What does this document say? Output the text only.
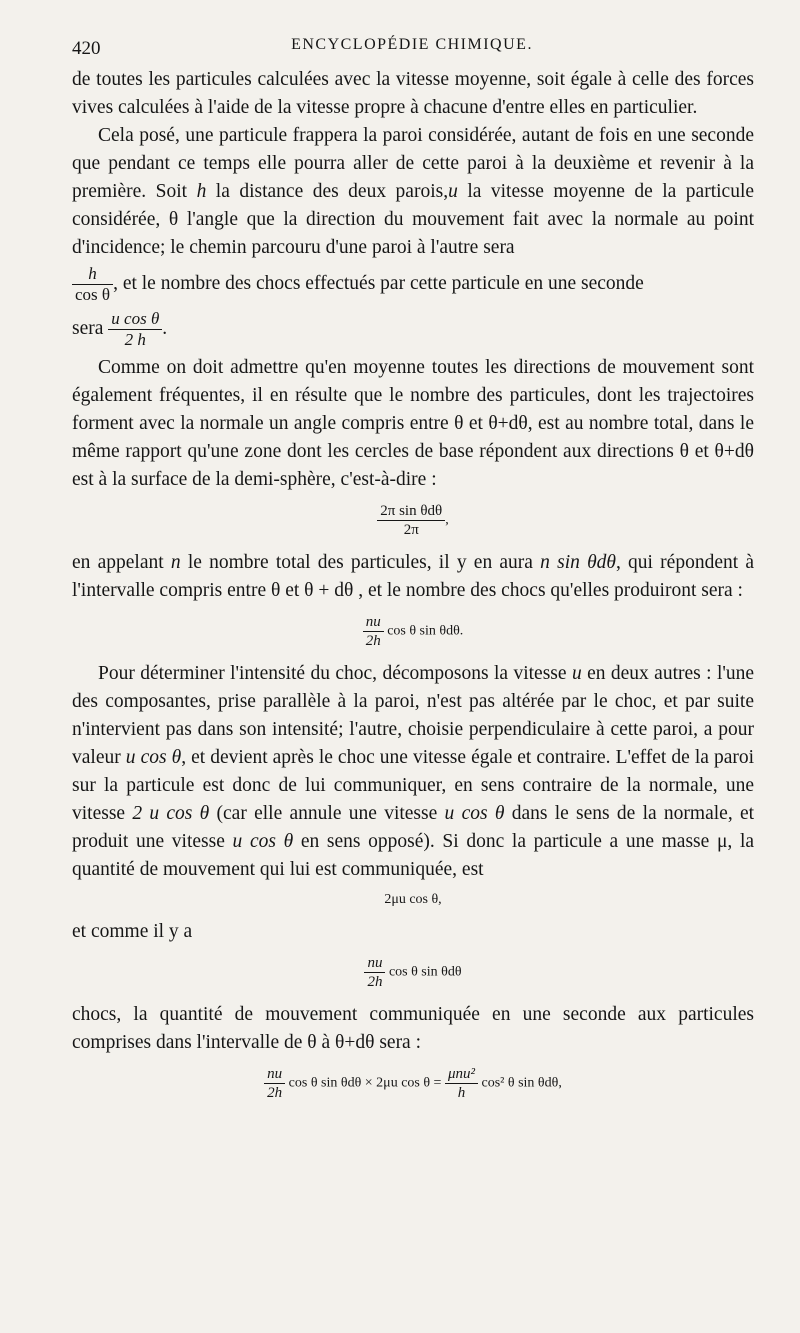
420	ENCYCLOPÉDIE CHIMIQUE.

de toutes les particules calculées avec la vitesse moyenne, soit égale à celle des forces vives calculées à l'aide de la vitesse propre à chacune d'entre elles en particulier.

Cela posé, une particule frappera la paroi considérée, autant de fois en une seconde que pendant ce temps elle pourra aller de cette paroi à la deuxième et revenir à la première. Soit h la distance des deux parois,u la vitesse moyenne de la particule considérée, θ l'angle que la direction du mouvement fait avec la normale au point d'incidence; le chemin parcouru d'une paroi à l'autre sera

$\frac{h}{\text{cos θ}}$ , et le nombre des chocs effectués par cette particule en une seconde

sera $\frac{\text{u cos θ}}{2 h}$ .

Comme on doit admettre qu'en moyenne toutes les directions de mouvement sont également fréquentes, il en résulte que le nombre des particules, dont les trajectoires forment avec la normale un angle compris entre θ et θ+dθ, est au nombre total, dans le même rapport qu'une zone dont les cercles de base répondent aux directions θ et θ+dθ est à la surface de la demi-sphère, c'est-à-dire :

$\frac{\text{2π sin θdθ}}{2\pi}$ ,

en appelant n le nombre total des particules, il y en aura n sin θdθ, qui répondent à l'intervalle compris entre θ et θ + dθ , et le nombre des chocs qu'elles produiront sera :

$\frac{nu}{2h}$ cos θ sin θdθ.

Pour déterminer l'intensité du choc, décomposons la vitesse u en deux autres : l'une des composantes, prise parallèle à la paroi, n'est pas altérée par le choc, et par suite n'intervient pas dans son intensité; l'autre, choisie perpendiculaire à cette paroi, a pour valeur u cos θ, et devient après le choc une vitesse égale et contraire. L'effet de la paroi sur la particule est donc de lui communiquer, en sens contraire de la normale, une vitesse 2 u cos θ (car elle annule une vitesse u cos θ dans le sens de la normale, et produit une vitesse u cos θ en sens opposé). Si donc la particule a une masse μ, la quantité de mouvement qui lui est communiquée, est

2μu cos θ,

et comme il y a

$\frac{nu}{2h}$ cos θ sin θdθ

chocs, la quantité de mouvement communiquée en une seconde aux particules comprises dans l'intervalle de θ à θ+dθ sera :

$\frac{nu}{2h}$ cos θ sin θdθ × 2μu $\cos \theta = \frac{\text{μnu²}}{h} \cos^2$ θ sin θdθ,
